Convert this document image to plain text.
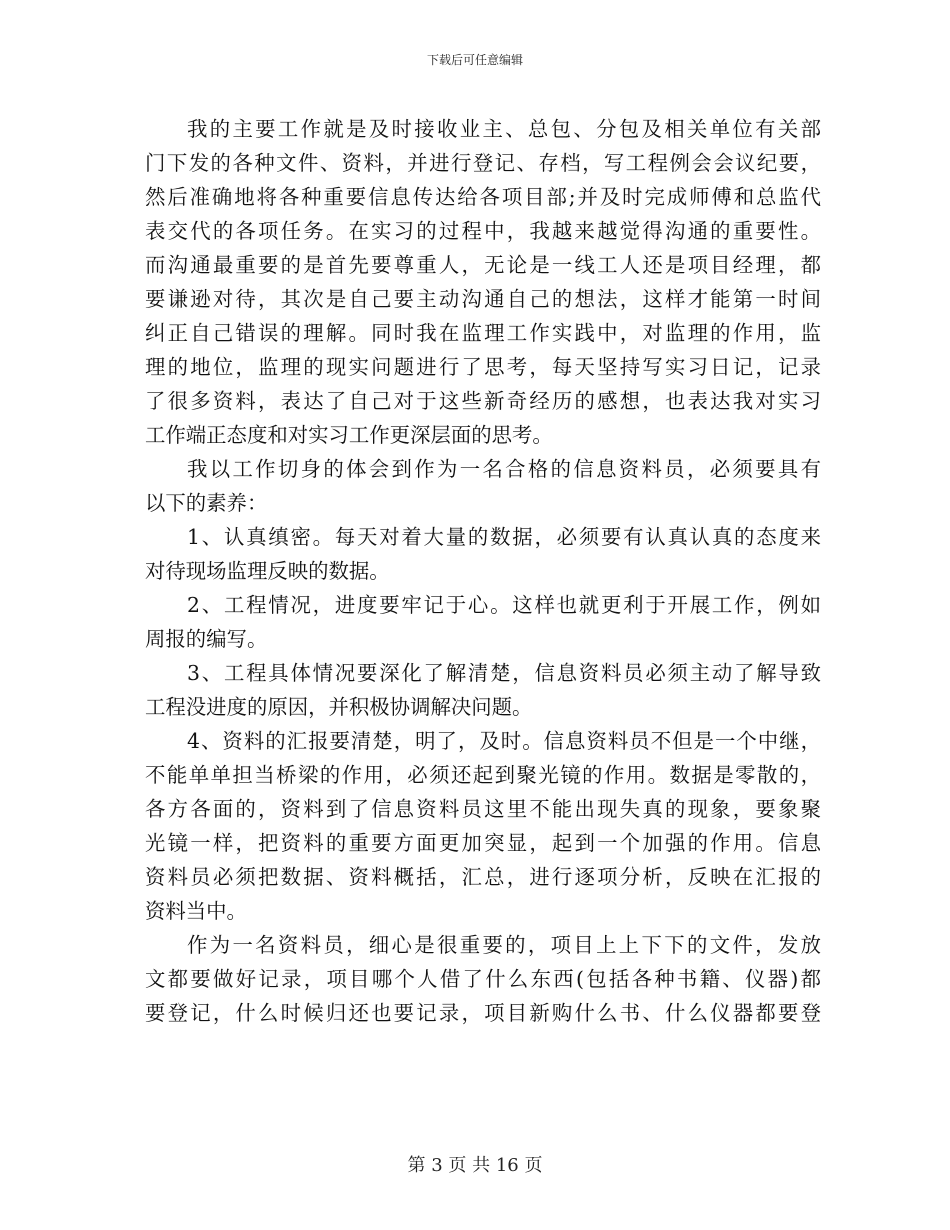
下载后可任意编辑
我的主要工作就是及时接收业主、总包、分包及相关单位有关部
门下发的各种文件、资料，并进行登记、存档，写工程例会会议纪要，
然后准确地将各种重要信息传达给各项目部;并及时完成师傅和总监代
表交代的各项任务。在实习的过程中，我越来越觉得沟通的重要性。
而沟通最重要的是首先要尊重人，无论是一线工人还是项目经理，都
要谦逊对待，其次是自己要主动沟通自己的想法，这样才能第一时间
纠正自己错误的理解。同时我在监理工作实践中，对监理的作用，监
理的地位，监理的现实问题进行了思考，每天坚持写实习日记，记录
了很多资料，表达了自己对于这些新奇经历的感想，也表达我对实习
工作端正态度和对实习工作更深层面的思考。
我以工作切身的体会到作为一名合格的信息资料员，必须要具有
以下的素养：
1、认真缜密。每天对着大量的数据，必须要有认真认真的态度来
对待现场监理反映的数据。
2、工程情况，进度要牢记于心。这样也就更利于开展工作，例如
周报的编写。
3、工程具体情况要深化了解清楚，信息资料员必须主动了解导致
工程没进度的原因，并积极协调解决问题。
4、资料的汇报要清楚，明了，及时。信息资料员不但是一个中继，
不能单单担当桥梁的作用，必须还起到聚光镜的作用。数据是零散的，
各方各面的，资料到了信息资料员这里不能出现失真的现象，要象聚
光镜一样，把资料的重要方面更加突显，起到一个加强的作用。信息
资料员必须把数据、资料概括，汇总，进行逐项分析，反映在汇报的
资料当中。
作为一名资料员，细心是很重要的，项目上上下下的文件，发放
文都要做好记录，项目哪个人借了什么东西(包括各种书籍、仪器)都
要登记，什么时候归还也要记录，项目新购什么书、什么仪器都要登
第 3 页 共 16 页
